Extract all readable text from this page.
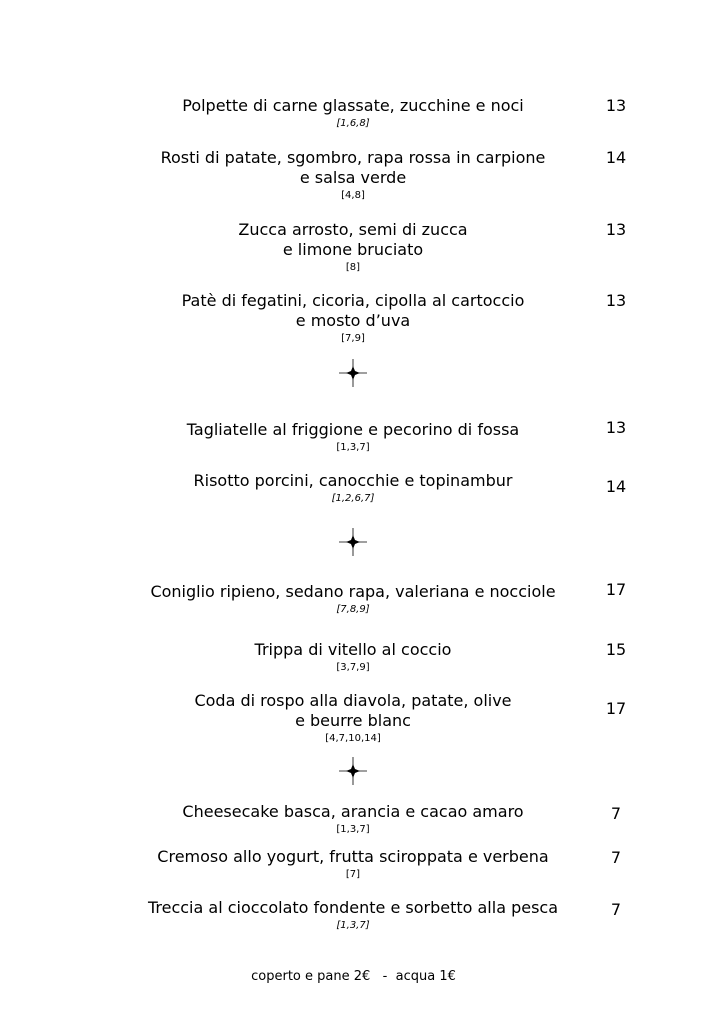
Polpette di carne glassate, zucchine e noci
[1,6,8]
13
Rosti di patate, sgombro, rapa rossa in carpione
e salsa verde
[4,8]
14
Zucca arrosto, semi di zucca
e limone bruciato
[8]
13
Patè di fegatini, cicoria, cipolla al cartoccio
e mosto d’uva
[7,9]
13
Tagliatelle al friggione e pecorino di fossa
[1,3,7]
13
Risotto porcini, canocchie e topinambur
[1,2,6,7]
14
Coniglio ripieno, sedano rapa, valeriana e nocciole
[7,8,9]
17
Trippa di vitello al coccio
[3,7,9]
15
Coda di rospo alla diavola, patate, olive
e beurre blanc
[4,7,10,14]
17
Cheesecake basca, arancia e cacao amaro
[1,3,7]
7
Cremoso allo yogurt, frutta sciroppata e verbena
[7]
7
Treccia al cioccolato fondente e sorbetto alla pesca
[1,3,7]
7
coperto e pane 2€   -  acqua 1€
